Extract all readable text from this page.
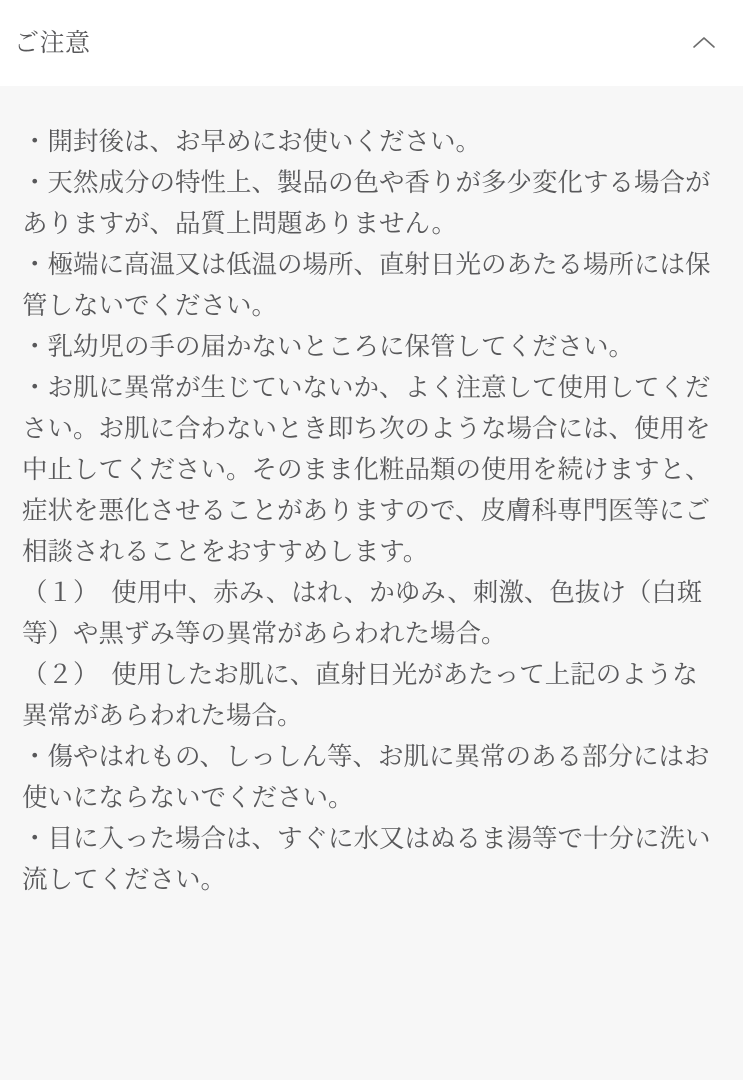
ご注意
・開封後は、お早めにお使いください。
・天然成分の特性上、製品の色や香りが多少変化する場合がありますが、品質上問題ありません。
・極端に高温又は低温の場所、直射日光のあたる場所には保管しないでください。
・乳幼児の手の届かないところに保管してください。
・お肌に異常が生じていないか、よく注意して使用してください。お肌に合わないとき即ち次のような場合には、使用を中止してください。そのまま化粧品類の使用を続けますと、症状を悪化させることがありますので、皮膚科専門医等にご相談されることをおすすめします。
（１）　使用中、赤み、はれ、かゆみ、刺激、色抜け（白斑等）や黒ずみ等の異常があらわれた場合。
（２）　使用したお肌に、直射日光があたって上記のような異常があらわれた場合。
・傷やはれもの、しっしん等、お肌に異常のある部分にはお使いにならないでください。
・目に入った場合は、すぐに水又はぬるま湯等で十分に洗い流してください。
